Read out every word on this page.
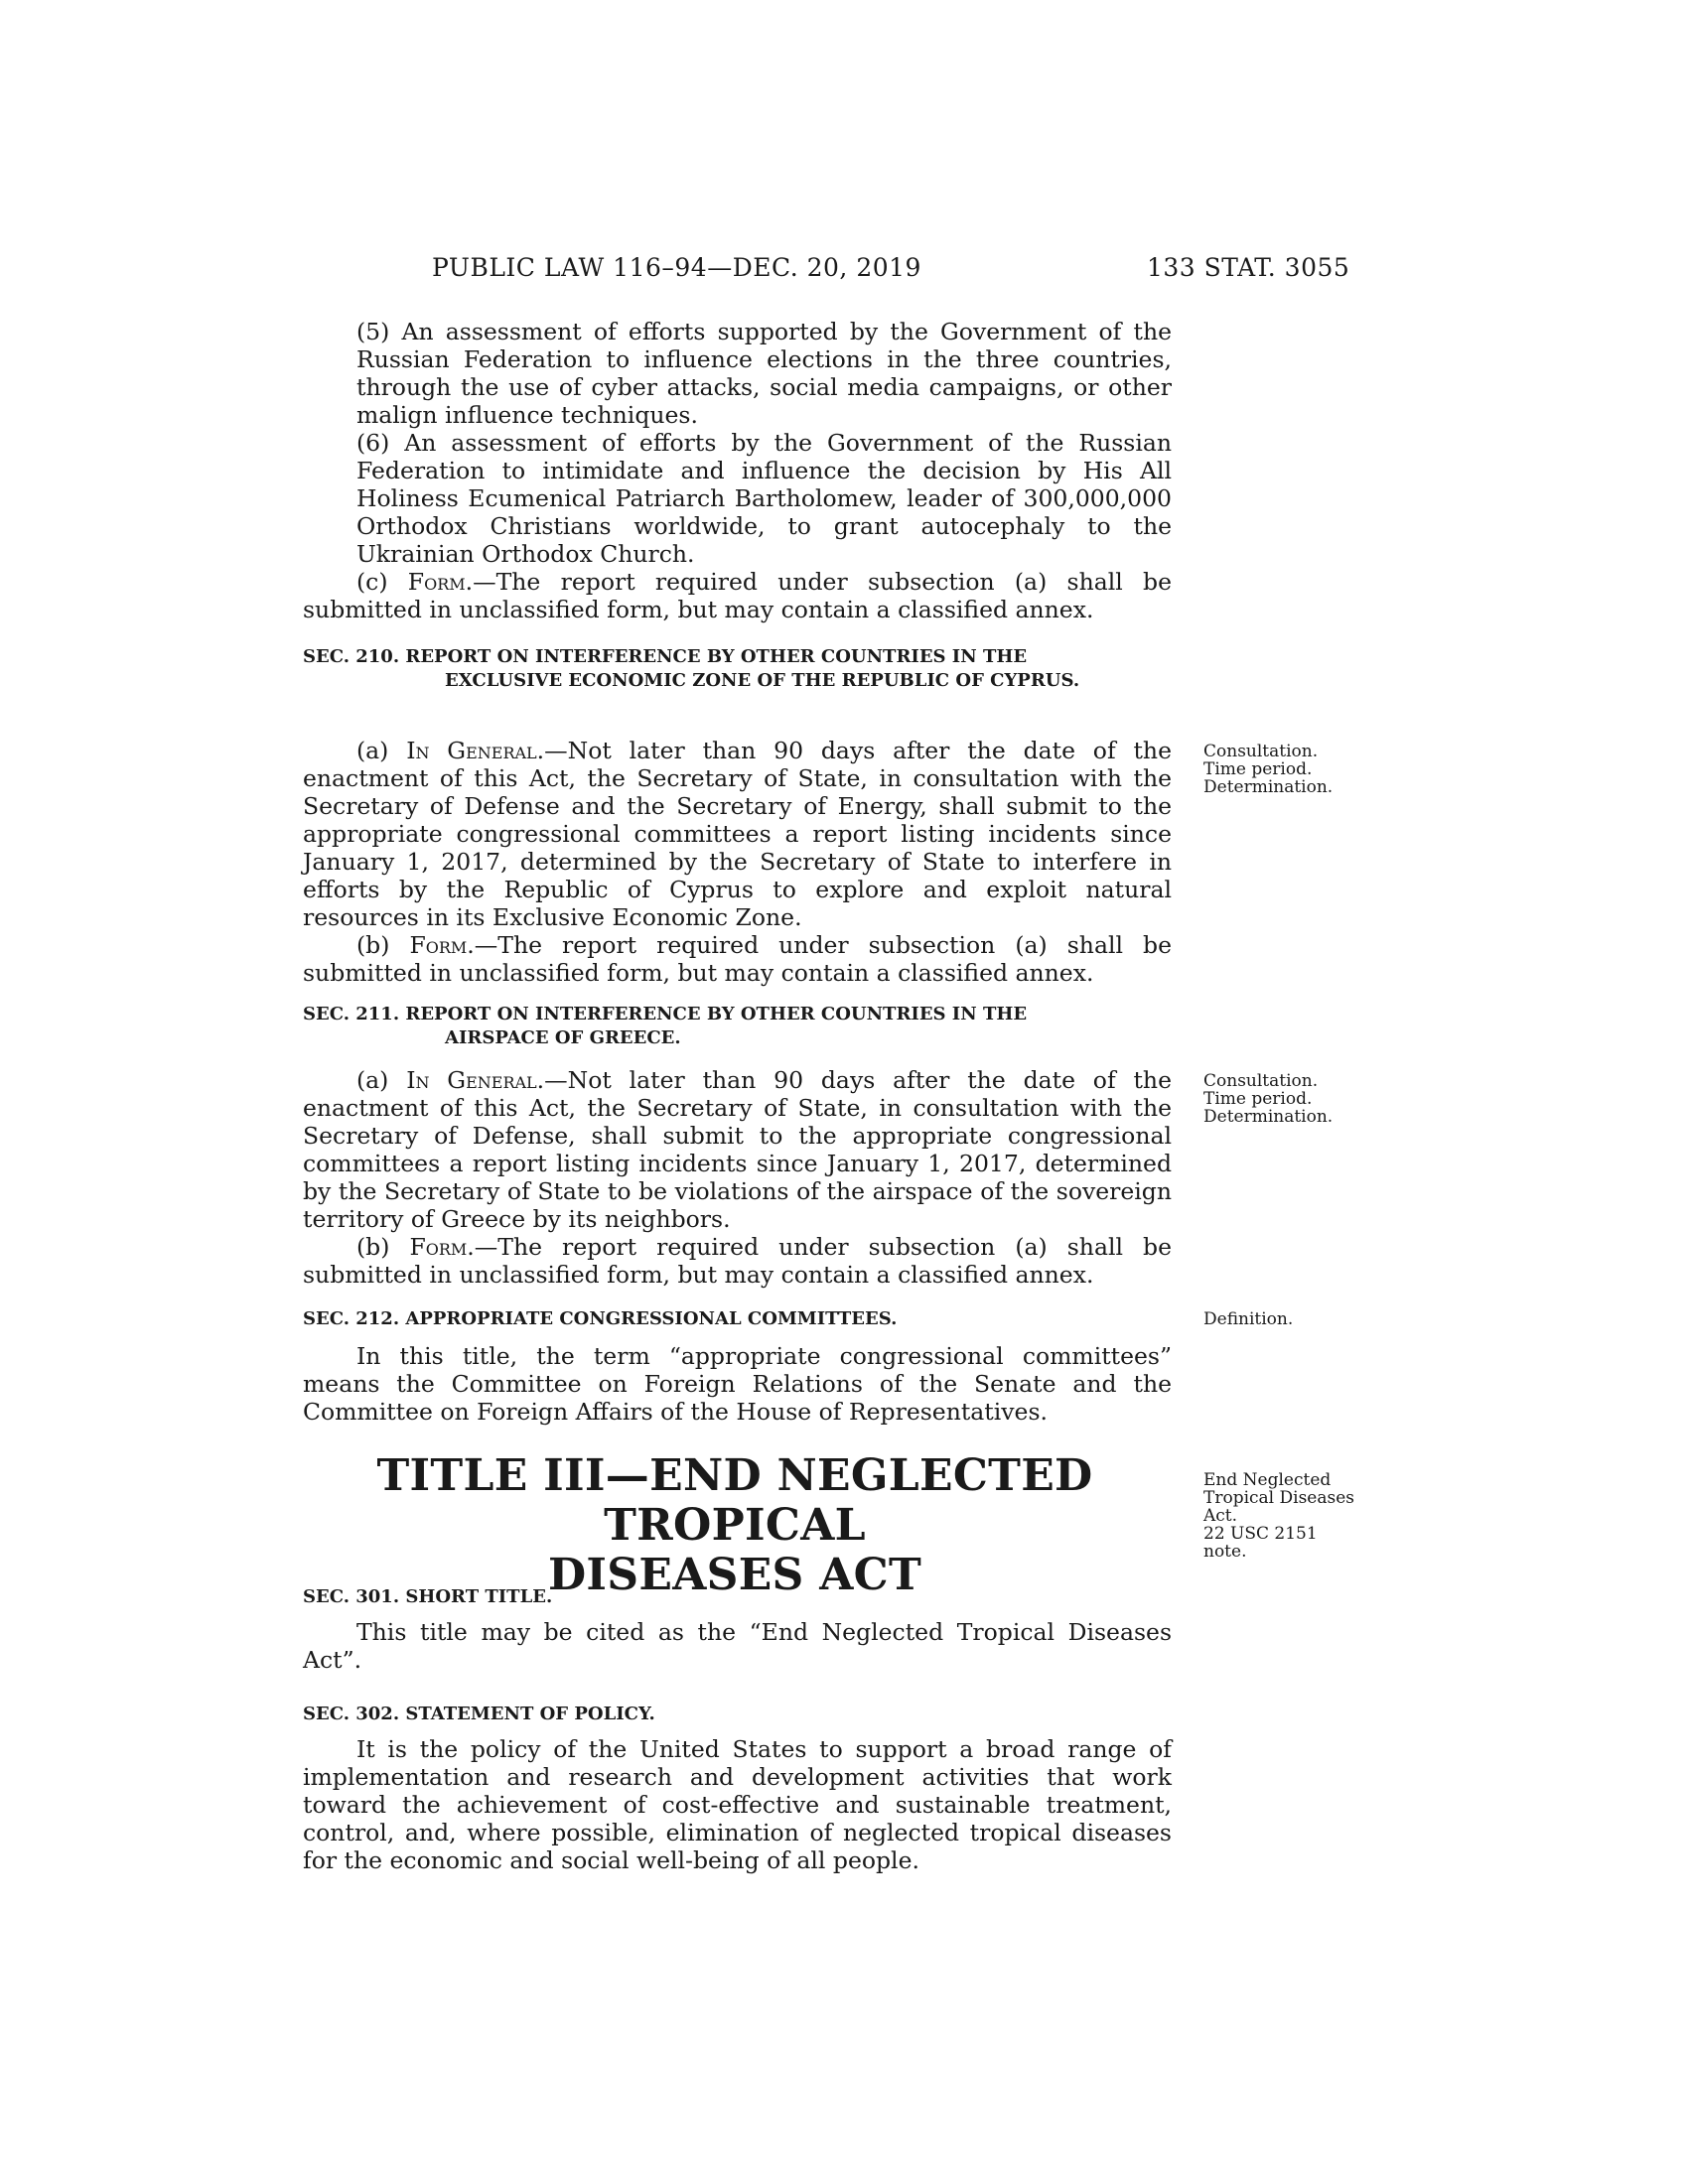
PUBLIC LAW 116–94—DEC. 20, 2019	133 STAT. 3055

(5) An assessment of efforts supported by the Government of the Russian Federation to influence elections in the three countries, through the use of cyber attacks, social media campaigns, or other malign influence techniques.

(6) An assessment of efforts by the Government of the Russian Federation to intimidate and influence the decision by His All Holiness Ecumenical Patriarch Bartholomew, leader of 300,000,000 Orthodox Christians worldwide, to grant autocephaly to the Ukrainian Orthodox Church.

(c) Form.—The report required under subsection (a) shall be submitted in unclassified form, but may contain a classified annex.

SEC. 210. REPORT ON INTERFERENCE BY OTHER COUNTRIES IN THE
EXCLUSIVE ECONOMIC ZONE OF THE REPUBLIC OF CYPRUS.

(a) In General.—Not later than 90 days after the date of the enactment of this Act, the Secretary of State, in consultation with the Secretary of Defense and the Secretary of Energy, shall submit to the appropriate congressional committees a report listing incidents since January 1, 2017, determined by the Secretary of State to interfere in efforts by the Republic of Cyprus to explore and exploit natural resources in its Exclusive Economic Zone.

(b) Form.—The report required under subsection (a) shall be submitted in unclassified form, but may contain a classified annex.

Consultation.
Time period.
Determination.
SEC. 211. REPORT ON INTERFERENCE BY OTHER COUNTRIES IN THE
AIRSPACE OF GREECE.

(a) In General.—Not later than 90 days after the date of the enactment of this Act, the Secretary of State, in consultation with the Secretary of Defense, shall submit to the appropriate congressional committees a report listing incidents since January 1, 2017, determined by the Secretary of State to be violations of the airspace of the sovereign territory of Greece by its neighbors.

(b) Form.—The report required under subsection (a) shall be submitted in unclassified form, but may contain a classified annex.

Consultation.
Time period.
Determination.
SEC. 212. APPROPRIATE CONGRESSIONAL COMMITTEES.	Definition.

In this title, the term “appropriate congressional committees” means the Committee on Foreign Relations of the Senate and the Committee on Foreign Affairs of the House of Representatives.

TITLE III—END NEGLECTED TROPICAL
DISEASES ACT
End Neglected
Tropical Diseases
Act.
22 USC 2151
note.
SEC. 301. SHORT TITLE.

This title may be cited as the “End Neglected Tropical Diseases Act”.

SEC. 302. STATEMENT OF POLICY.

It is the policy of the United States to support a broad range of implementation and research and development activities that work toward the achievement of cost-effective and sustainable treatment, control, and, where possible, elimination of neglected tropical diseases for the economic and social well-being of all people.
